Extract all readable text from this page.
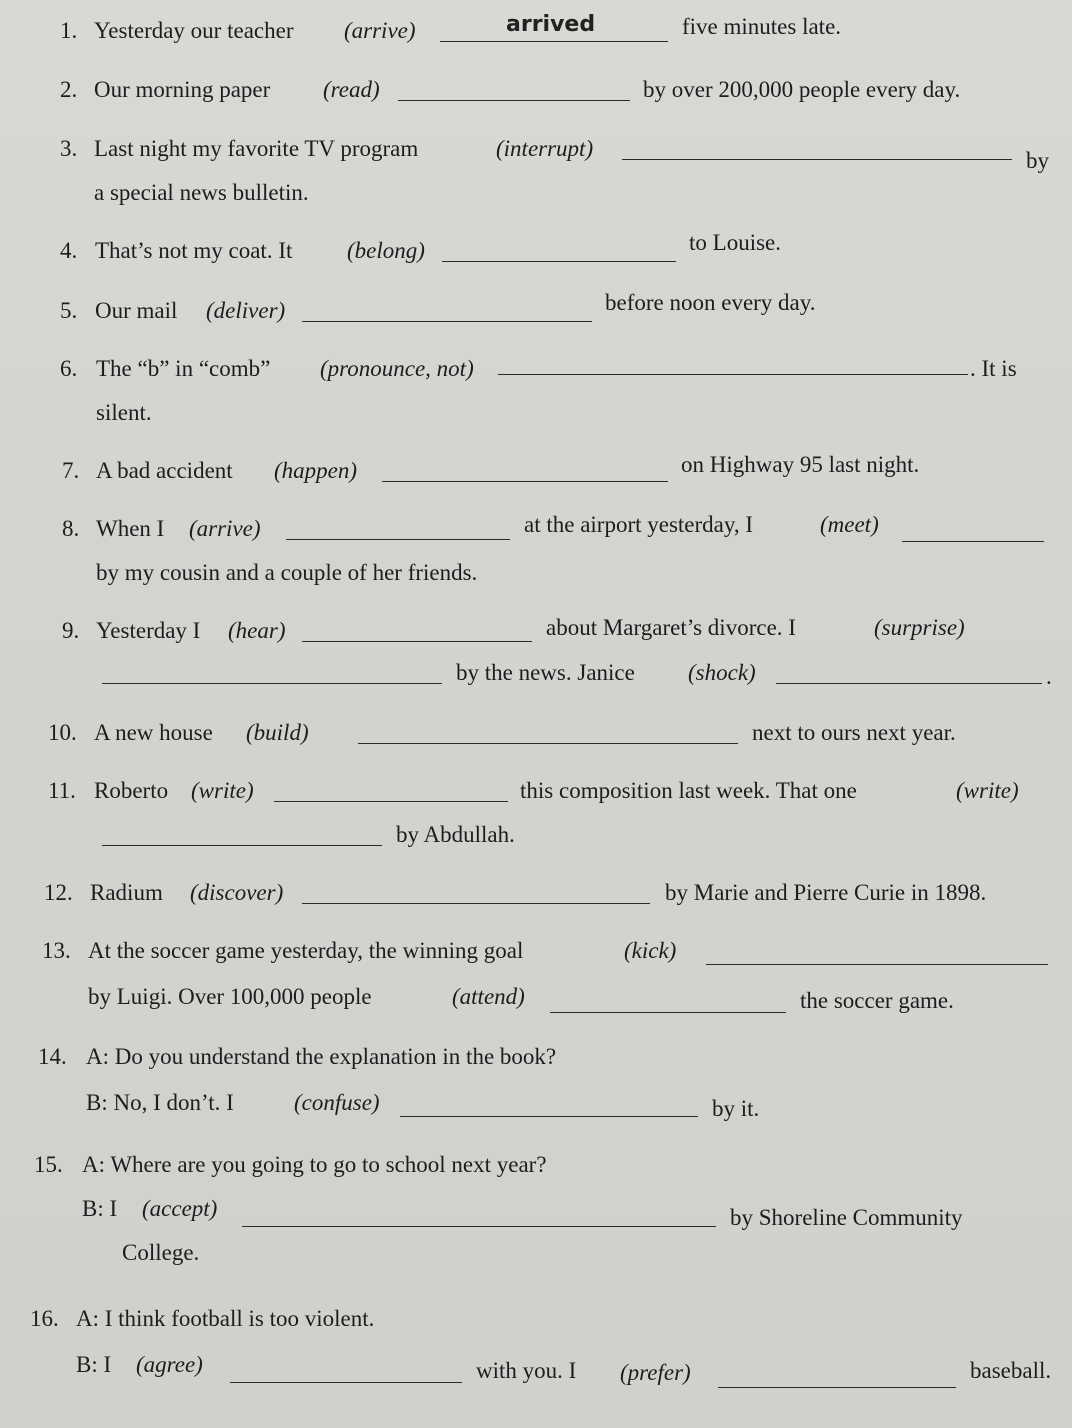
1. Yesterday our teacher (arrive)	arrived	five minutes late.
2. Our morning paper (read)	by over 200,000 people every day.
3. Last night my favorite TV program	(interrupt)	by
a special news bulletin.
4. That’s not my coat. It (belong)	to Louise.
5. Our mail (deliver)	before noon every day.
6. The “b” in “comb” (pronounce, not)	. It is
silent.
7. A bad accident (happen)	on Highway 95 last night.
8. When I (arrive)	at the airport yesterday, I	(meet)
by my cousin and a couple of her friends.
9. Yesterday I (hear)	about Margaret’s divorce. I	(surprise)
by the news. Janice (shock)	.
10. A new house (build)	next to ours next year.
11. Roberto (write)	this composition last week. That one	(write)
by Abdullah.
12. Radium (discover)	by Marie and Pierre Curie in 1898.
13. At the soccer game yesterday, the winning goal	(kick)
by Luigi. Over 100,000 people	(attend)	the soccer game.
14. A: Do you understand the explanation in the book?
B: No, I don’t. I	(confuse)	by it.
15. A: Where are you going to go to school next year?
B: I (accept)	by Shoreline Community
College.
16. A: I think football is too violent.
B: I (agree)	with you. I (prefer)	baseball.
